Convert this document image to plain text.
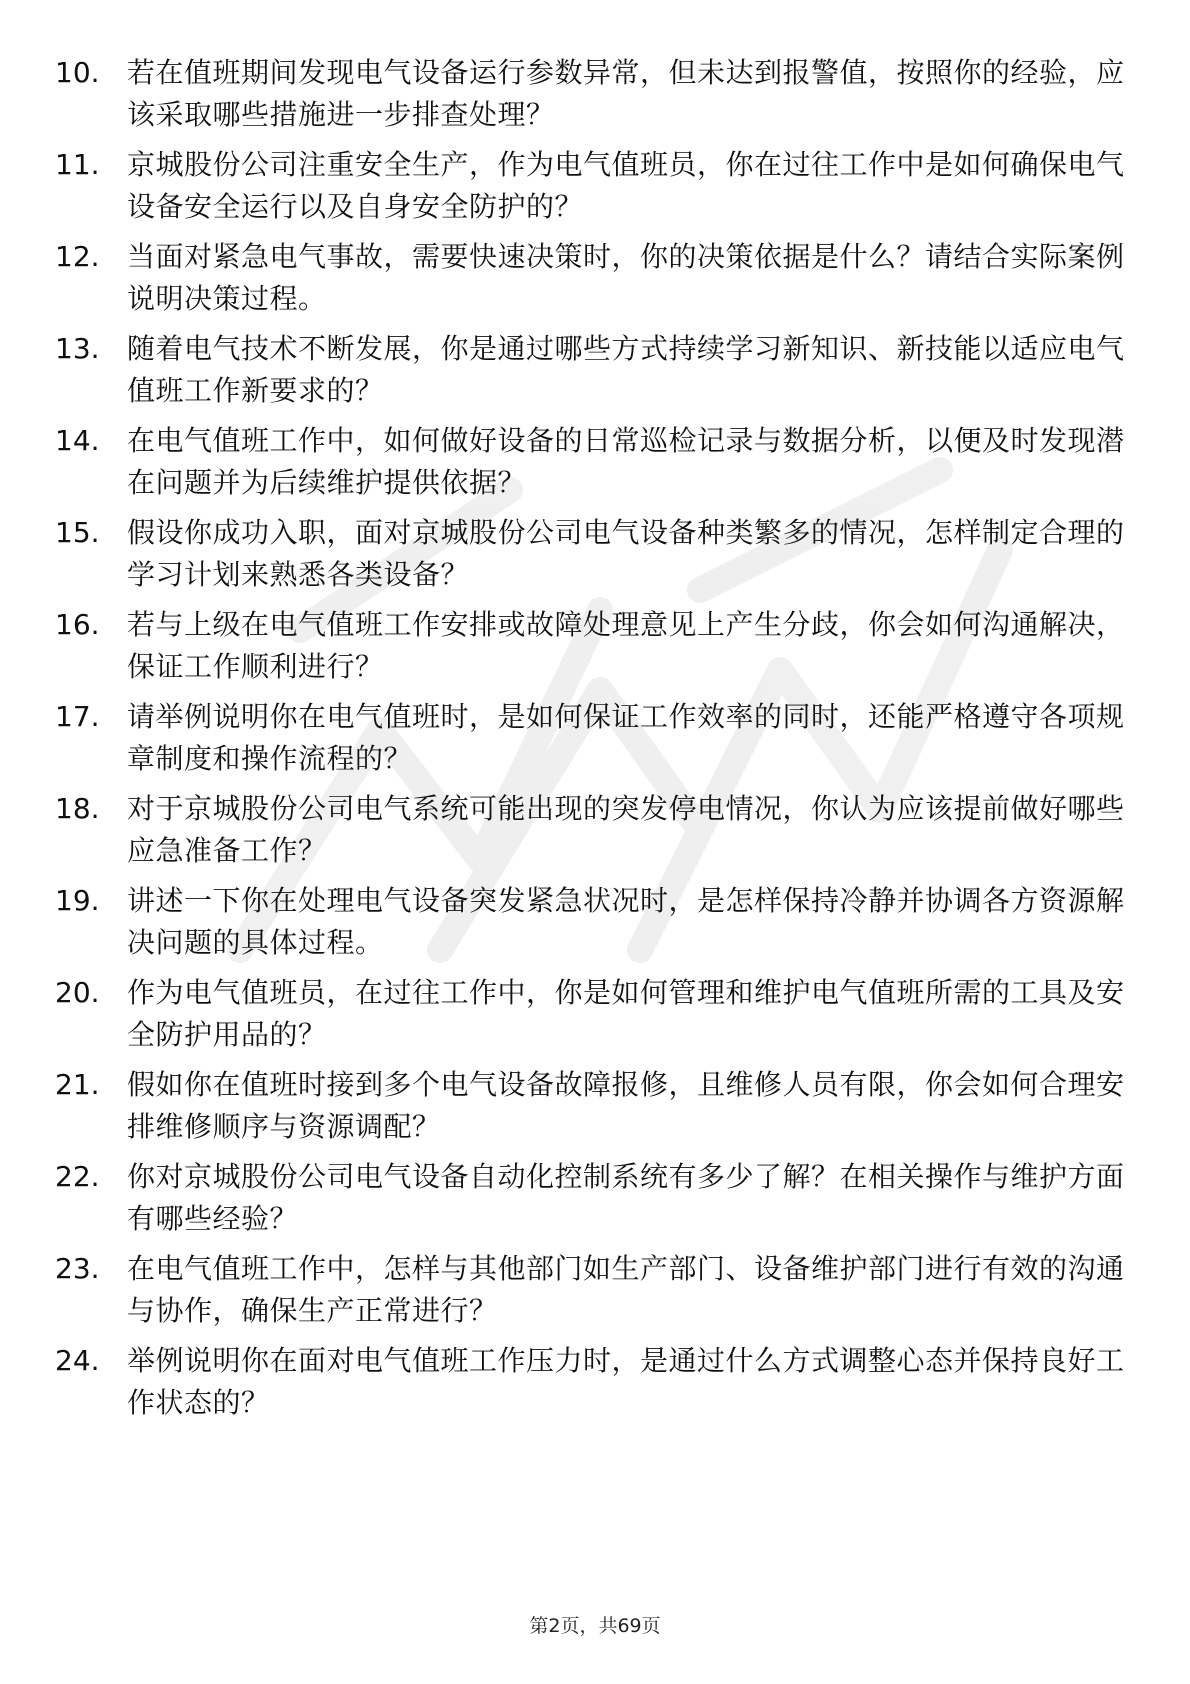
10. 若在值班期间发现电气设备运行参数异常，但未达到报警值，按照你的经验，应该采取哪些措施进一步排查处理？
11. 京城股份公司注重安全生产，作为电气值班员，你在过往工作中是如何确保电气设备安全运行以及自身安全防护的？
12. 当面对紧急电气事故，需要快速决策时，你的决策依据是什么？请结合实际案例说明决策过程。
13. 随着电气技术不断发展，你是通过哪些方式持续学习新知识、新技能以适应电气值班工作新要求的？
14. 在电气值班工作中，如何做好设备的日常巡检记录与数据分析，以便及时发现潜在问题并为后续维护提供依据？
15. 假设你成功入职，面对京城股份公司电气设备种类繁多的情况，怎样制定合理的学习计划来熟悉各类设备？
16. 若与上级在电气值班工作安排或故障处理意见上产生分歧，你会如何沟通解决，保证工作顺利进行？
17. 请举例说明你在电气值班时，是如何保证工作效率的同时，还能严格遵守各项规章制度和操作流程的？
18. 对于京城股份公司电气系统可能出现的突发停电情况，你认为应该提前做好哪些应急准备工作？
19. 讲述一下你在处理电气设备突发紧急状况时，是怎样保持冷静并协调各方资源解决问题的具体过程。
20. 作为电气值班员，在过往工作中，你是如何管理和维护电气值班所需的工具及安全防护用品的？
21. 假如你在值班时接到多个电气设备故障报修，且维修人员有限，你会如何合理安排维修顺序与资源调配？
22. 你对京城股份公司电气设备自动化控制系统有多少了解？在相关操作与维护方面有哪些经验？
23. 在电气值班工作中，怎样与其他部门如生产部门、设备维护部门进行有效的沟通与协作，确保生产正常进行？
24. 举例说明你在面对电气值班工作压力时，是通过什么方式调整心态并保持良好工作状态的？
第2页，共69页
